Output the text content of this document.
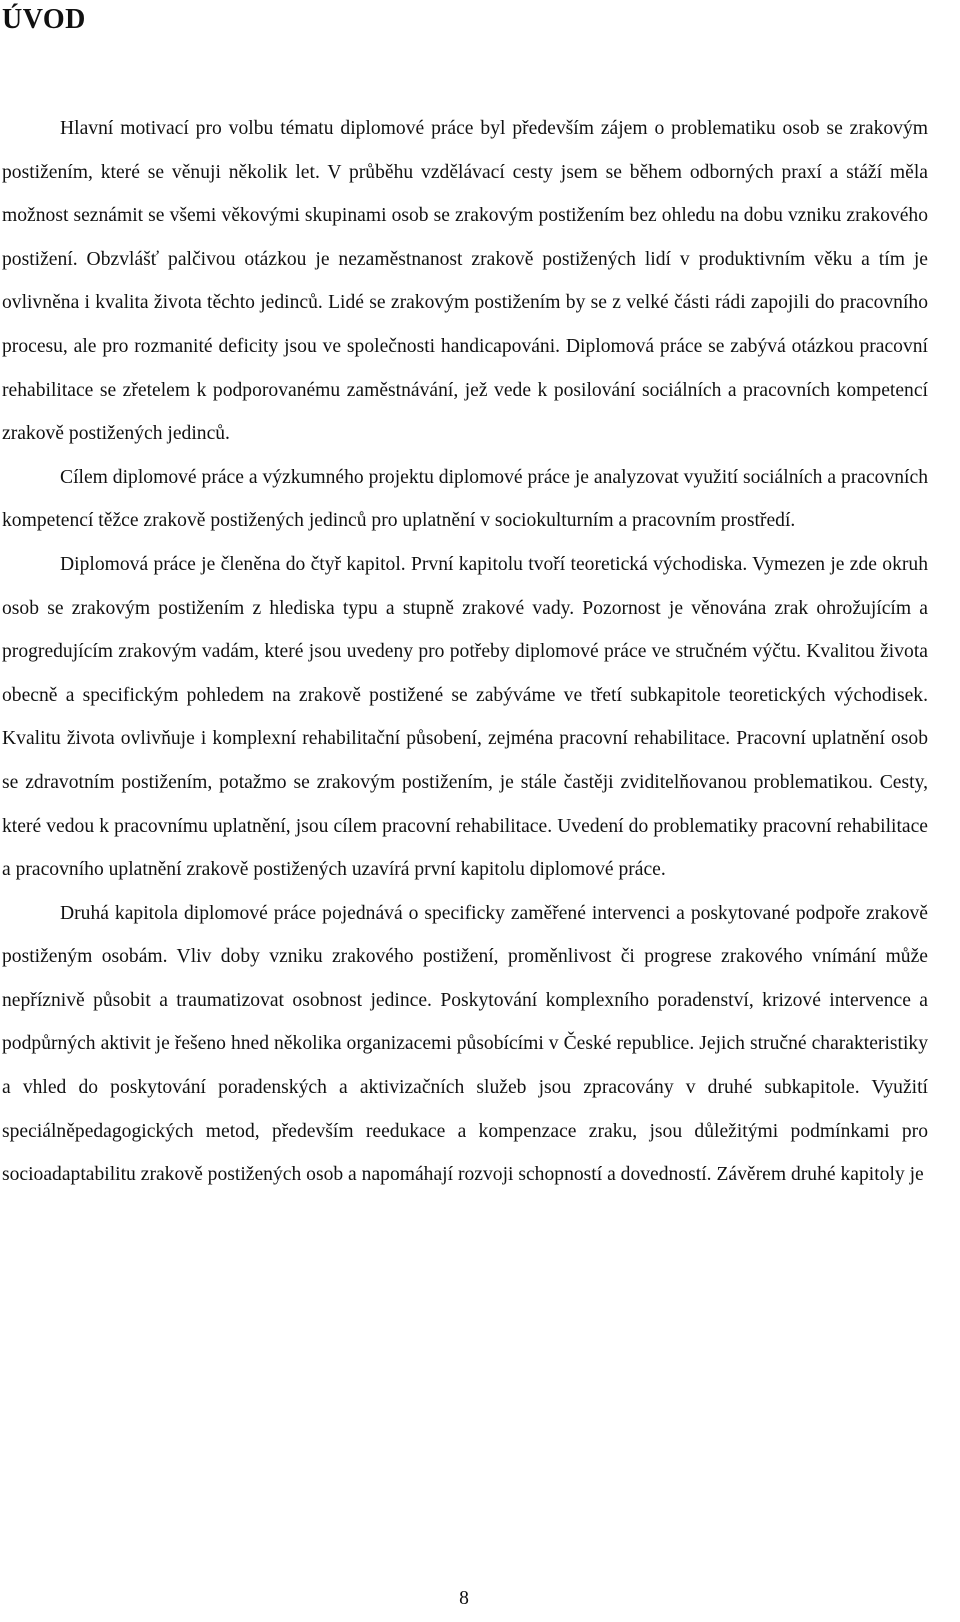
ÚVOD

Hlavní motivací pro volbu tématu diplomové práce byl především zájem o problematiku osob se zrakovým postižením, které se věnuji několik let. V průběhu vzdělávací cesty jsem se během odborných praxí a stáží měla možnost seznámit se všemi věkovými skupinami osob se zrakovým postižením bez ohledu na dobu vzniku zrakového postižení. Obzvlášť palčivou otázkou je nezaměstnanost zrakově postižených lidí v produktivním věku a tím je ovlivněna i kvalita života těchto jedinců. Lidé se zrakovým postižením by se z velké části rádi zapojili do pracovního procesu, ale pro rozmanité deficity jsou ve společnosti handicapováni. Diplomová práce se zabývá otázkou pracovní rehabilitace se zřetelem k podporovanému zaměstnávání, jež vede k posilování sociálních a pracovních kompetencí zrakově postižených jedinců.

Cílem diplomové práce a výzkumného projektu diplomové práce je analyzovat využití sociálních a pracovních kompetencí těžce zrakově postižených jedinců pro uplatnění v sociokulturním a pracovním prostředí.

Diplomová práce je členěna do čtyř kapitol. První kapitolu tvoří teoretická východiska. Vymezen je zde okruh osob se zrakovým postižením z hlediska typu a stupně zrakové vady. Pozornost je věnována zrak ohrožujícím a progredujícím zrakovým vadám, které jsou uvedeny pro potřeby diplomové práce ve stručném výčtu. Kvalitou života obecně a specifickým pohledem na zrakově postižené se zabýváme ve třetí subkapitole teoretických východisek. Kvalitu života ovlivňuje i komplexní rehabilitační působení, zejména pracovní rehabilitace. Pracovní uplatnění osob se zdravotním postižením, potažmo se zrakovým postižením, je stále častěji zviditelňovanou problematikou. Cesty, které vedou k pracovnímu uplatnění, jsou cílem pracovní rehabilitace. Uvedení do problematiky pracovní rehabilitace a pracovního uplatnění zrakově postižených uzavírá první kapitolu diplomové práce.

Druhá kapitola diplomové práce pojednává o specificky zaměřené intervenci a poskytované podpoře zrakově postiženým osobám. Vliv doby vzniku zrakového postižení, proměnlivost či progrese zrakového vnímání může nepříznivě působit a traumatizovat osobnost jedince. Poskytování komplexního poradenství, krizové intervence a podpůrných aktivit je řešeno hned několika organizacemi působícími v České republice. Jejich stručné charakteristiky a vhled do poskytování poradenských a aktivizačních služeb jsou zpracovány v druhé subkapitole. Využití speciálněpedagogických metod, především reedukace a kompenzace zraku, jsou důležitými podmínkami pro socioadaptabilitu zrakově postižených osob a napomáhají rozvoji schopností a dovedností. Závěrem druhé kapitoly je

8
